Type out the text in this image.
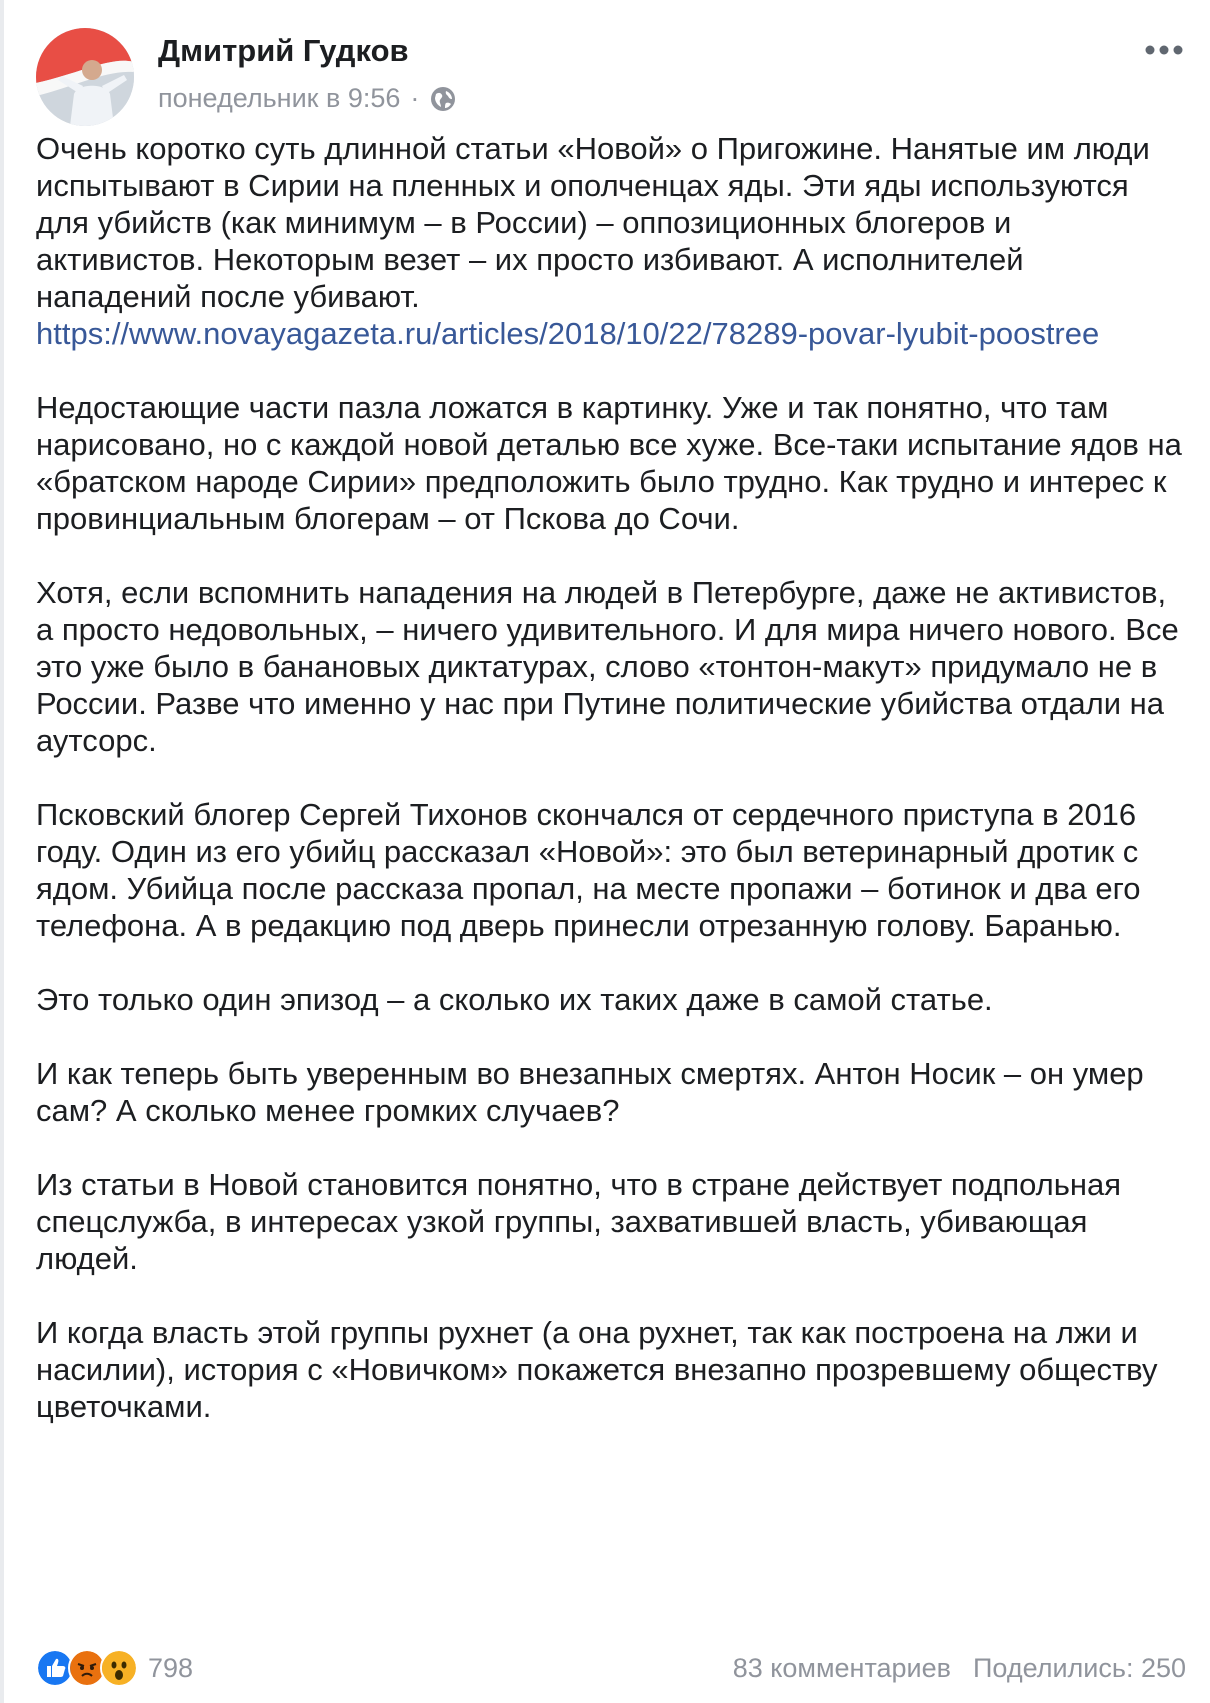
Дмитрий Гудков
понедельник в 9:56 ·

Очень коротко суть длинной статьи «Новой» о Пригожине. Нанятые им люди испытывают в Сирии на пленных и ополченцах яды. Эти яды используются для убийств (как минимум – в России) – оппозиционных блогеров и активистов. Некоторым везет – их просто избивают. А исполнителей нападений после убивают. https://www.novayagazeta.ru/articles/2018/10/22/78289-povar-lyubit-poostree

Недостающие части пазла ложатся в картинку. Уже и так понятно, что там нарисовано, но с каждой новой деталью все хуже. Все-таки испытание ядов на «братском народе Сирии» предположить было трудно. Как трудно и интерес к провинциальным блогерам – от Пскова до Сочи.

Хотя, если вспомнить нападения на людей в Петербурге, даже не активистов, а просто недовольных, – ничего удивительного. И для мира ничего нового. Все это уже было в банановых диктатурах, слово «тонтон-макут» придумало не в России. Разве что именно у нас при Путине политические убийства отдали на аутсорс.

Псковский блогер Сергей Тихонов скончался от сердечного приступа в 2016 году. Один из его убийц рассказал «Новой»: это был ветеринарный дротик с ядом. Убийца после рассказа пропал, на месте пропажи – ботинок и два его телефона. А в редакцию под дверь принесли отрезанную голову. Баранью.

Это только один эпизод – а сколько их таких даже в самой статье.

И как теперь быть уверенным во внезапных смертях. Антон Носик – он умер сам? А сколько менее громких случаев?

Из статьи в Новой становится понятно, что в стране действует подпольная спецслужба, в интересах узкой группы, захватившей власть, убивающая людей.

И когда власть этой группы рухнет (а она рухнет, так как построена на лжи и насилии), история с «Новичком» покажется внезапно прозревшему обществу цветочками.

798	83 комментариев Поделились: 250
